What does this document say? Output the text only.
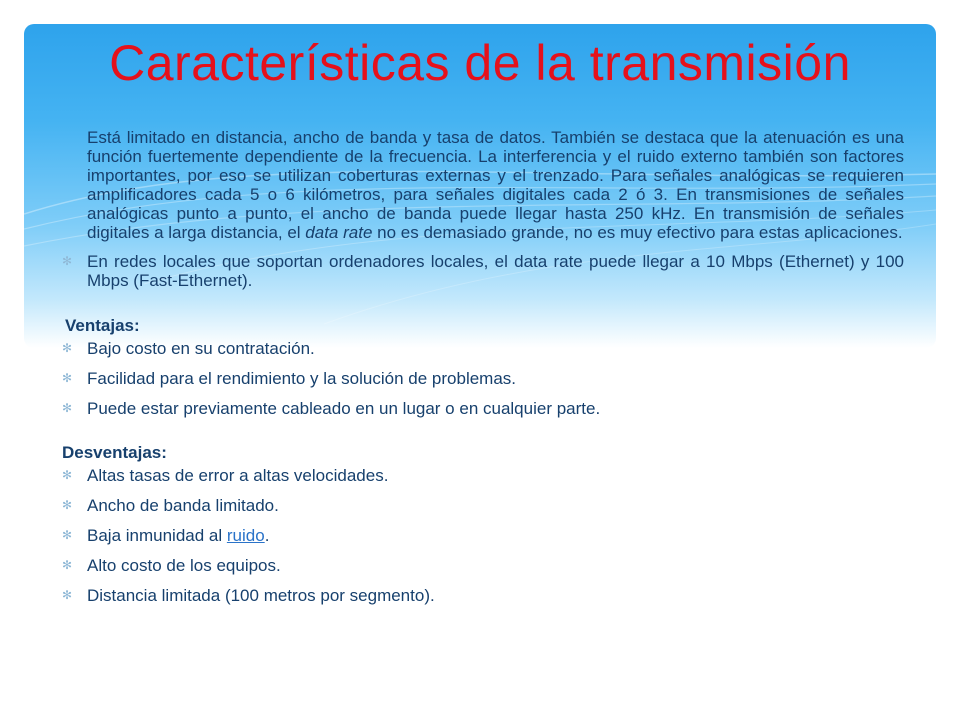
Características de la transmisión

Está limitado en distancia, ancho de banda y tasa de datos. También se destaca que la atenuación es una función fuertemente dependiente de la frecuencia. La interferencia y el ruido externo también son factores importantes, por eso se utilizan coberturas externas y el trenzado. Para señales analógicas se requieren amplificadores cada 5 o 6 kilómetros, para señales digitales cada 2 ó 3. En transmisiones de señales analógicas punto a punto, el ancho de banda puede llegar hasta 250 kHz. En transmisión de señales digitales a larga distancia, el data rate no es demasiado grande, no es muy efectivo para estas aplicaciones.

✻ En redes locales que soportan ordenadores locales, el data rate puede llegar a 10 Mbps (Ethernet) y 100 Mbps (Fast-Ethernet).

Ventajas:

✻ Bajo costo en su contratación.
✻ Facilidad para el rendimiento y la solución de problemas.
✻ Puede estar previamente cableado en un lugar o en cualquier parte.

Desventajas:

✻ Altas tasas de error a altas velocidades.
✻ Ancho de banda limitado.
✻ Baja inmunidad al ruido.
✻ Alto costo de los equipos.
✻ Distancia limitada (100 metros por segmento).
